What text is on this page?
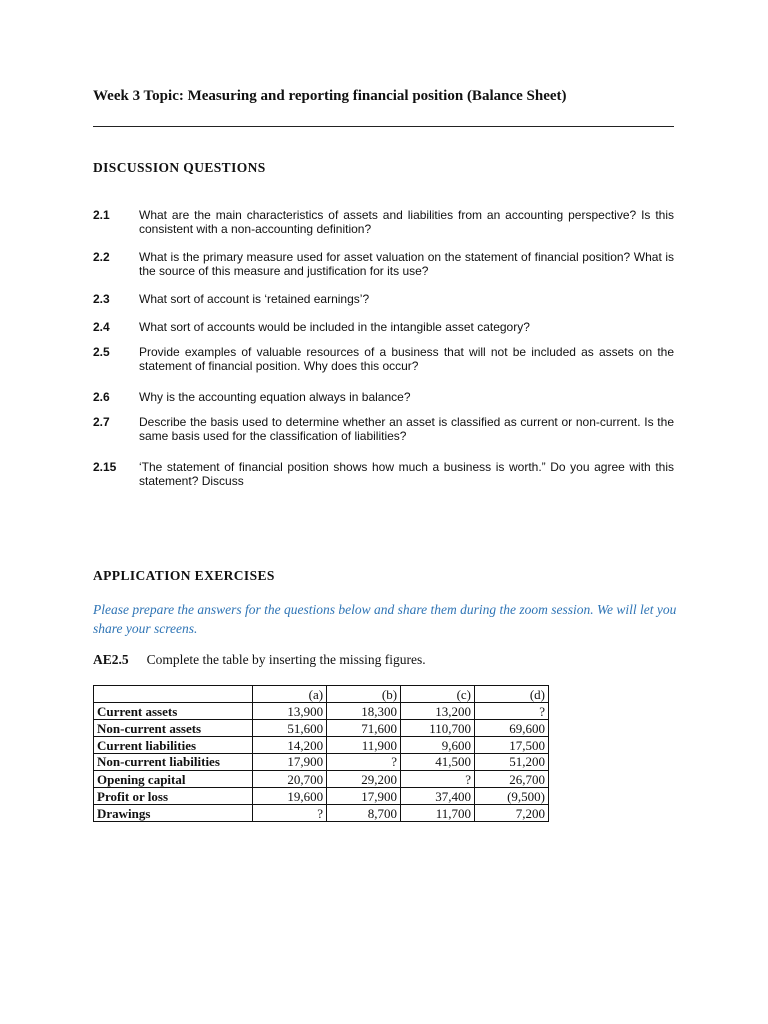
Week 3 Topic: Measuring and reporting financial position (Balance Sheet)
DISCUSSION QUESTIONS
2.1 What are the main characteristics of assets and liabilities from an accounting perspective? Is this consistent with a non-accounting definition?
2.2 What is the primary measure used for asset valuation on the statement of financial position? What is the source of this measure and justification for its use?
2.3 What sort of account is ‘retained earnings’?
2.4 What sort of accounts would be included in the intangible asset category?
2.5 Provide examples of valuable resources of a business that will not be included as assets on the statement of financial position. Why does this occur?
2.6 Why is the accounting equation always in balance?
2.7 Describe the basis used to determine whether an asset is classified as current or non-current. Is the same basis used for the classification of liabilities?
2.15 ‘The statement of financial position shows how much a business is worth.” Do you agree with this statement? Discuss
APPLICATION EXERCISES
Please prepare the answers for the questions below and share them during the zoom session. We will let you share your screens.
AE2.5 Complete the table by inserting the missing figures.
	(a)	(b)	(c)	(d)
Current assets	13,900	18,300	13,200	?
Non-current assets	51,600	71,600	110,700	69,600
Current liabilities	14,200	11,900	9,600	17,500
Non-current liabilities	17,900	?	41,500	51,200
Opening capital	20,700	29,200	?	26,700
Profit or loss	19,600	17,900	37,400	(9,500)
Drawings	?	8,700	11,700	7,200
